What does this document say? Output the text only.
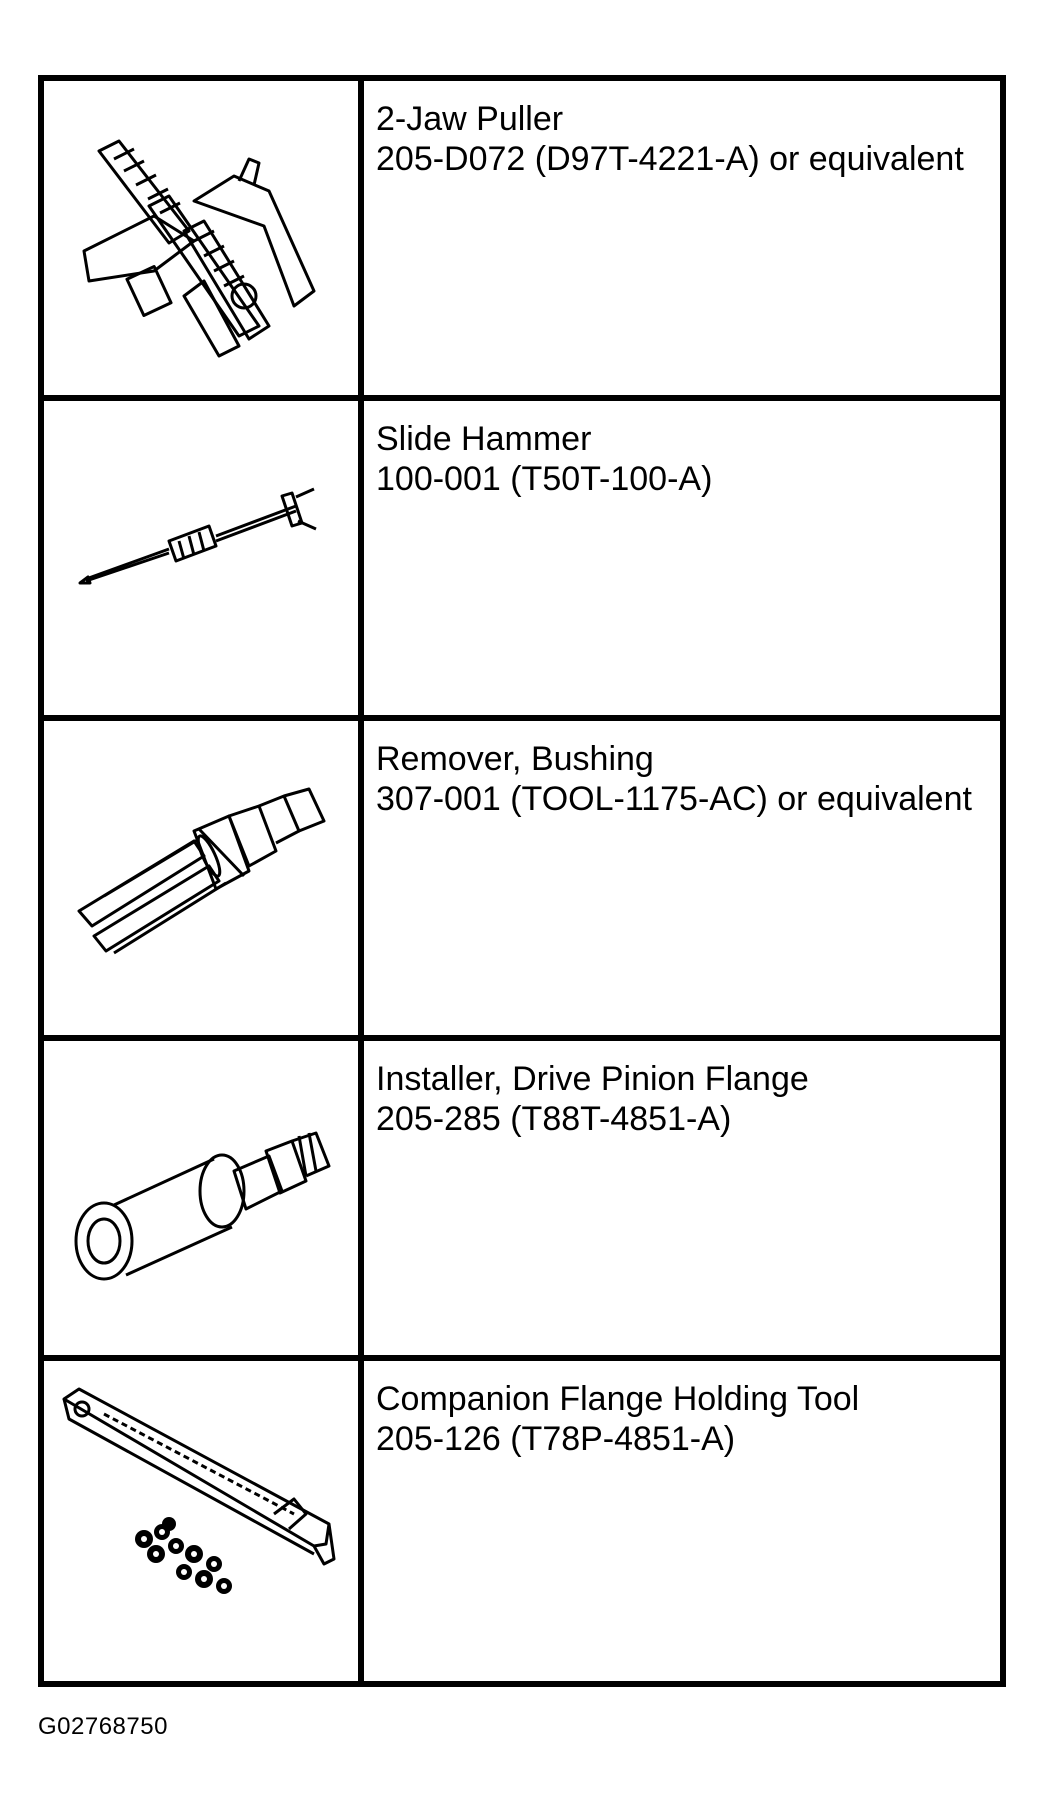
2-Jaw Puller
205-D072 (D97T-4221-A) or equivalent
Slide Hammer
100-001 (T50T-100-A)
Remover, Bushing
307-001 (TOOL-1175-AC) or equivalent
Installer, Drive Pinion Flange
205-285 (T88T-4851-A)
Companion Flange Holding Tool
205-126 (T78P-4851-A)
G02768750
